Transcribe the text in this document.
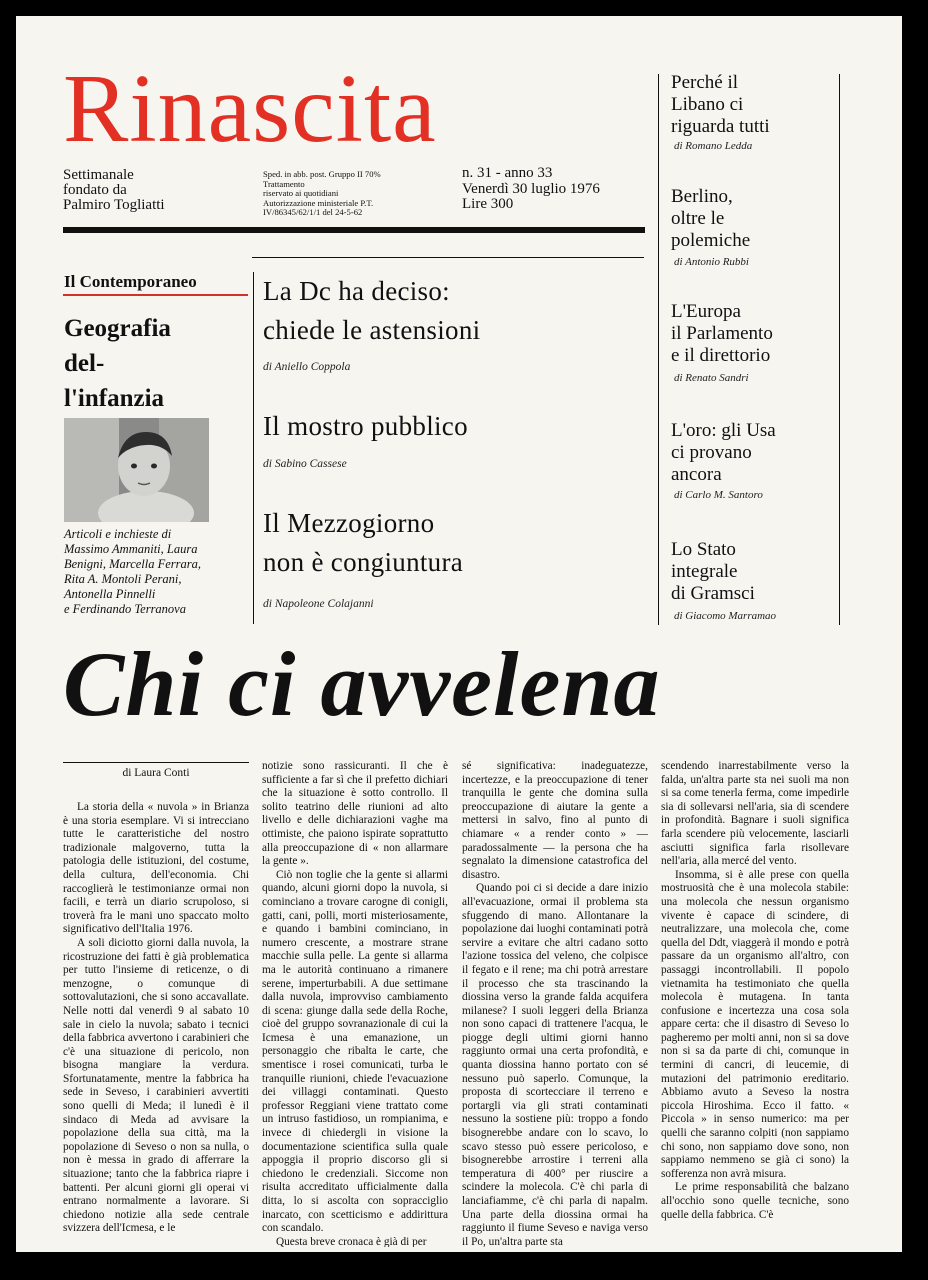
Rinascita
Settimanale
fondato da
Palmiro Togliatti
Sped. in abb. post. Gruppo II 70%
Trattamento
riservato ai quotidiani
Autorizzazione ministeriale P.T.
IV/86345/62/1/1 del 24-5-62
n. 31 - anno 33
Venerdì 30 luglio 1976
Lire 300
Il Contemporaneo
Geografia
del-
l'infanzia
Articoli e inchieste di
Massimo Ammaniti, Laura
Benigni, Marcella Ferrara,
Rita A. Montoli Perani,
Antonella Pinnelli
e Ferdinando Terranova
La Dc ha deciso:
chiede le astensioni
di Aniello Coppola
Il mostro pubblico
di Sabino Cassese
Il Mezzogiorno
non è congiuntura
di Napoleone Colajanni
Perché il
Libano ci
riguarda tutti
di Romano Ledda
Berlino,
oltre le
polemiche
di Antonio Rubbi
L'Europa
il Parlamento
e il direttorio
di Renato Sandri
L'oro: gli Usa
ci provano
ancora
di Carlo M. Santoro
Lo Stato
integrale
di Gramsci
di Giacomo Marramao
Chi ci avvelena
di Laura Conti

La storia della « nuvola » in Brianza è una storia esemplare. Vi si intrecciano tutte le caratteristiche del nostro tradizionale malgoverno, tutta la patologia delle istituzioni, del costume, della cultura, dell'economia. Chi raccoglierà le testimonianze ormai non facili, e terrà un diario scrupoloso, si troverà fra le mani uno spaccato molto significativo dell'Italia 1976.

A soli diciotto giorni dalla nuvola, la ricostruzione dei fatti è già problematica per tutto l'insieme di reticenze, o di menzogne, o comunque di sottovalutazioni, che si sono accavallate. Nelle notti dal venerdì 9 al sabato 10 sale in cielo la nuvola; sabato i tecnici della fabbrica avvertono i carabinieri che c'è una situazione di pericolo, non bisogna mangiare la verdura. Sfortunatamente, mentre la fabbrica ha sede in Seveso, i carabinieri avvertiti sono quelli di Meda; il lunedì è il sindaco di Meda ad avvisare la popolazione della sua città, ma la popolazione di Seveso o non sa nulla, o non è messa in grado di afferrare la situazione; tanto che la fabbrica riapre i battenti. Per alcuni giorni gli operai vi entrano normalmente a lavorare. Si chiedono notizie alla sede centrale svizzera dell'Icmesa, e le

notizie sono rassicuranti. Il che è sufficiente a far sì che il prefetto dichiari che la situazione è sotto controllo. Il solito teatrino delle riunioni ad alto livello e delle dichiarazioni vaghe ma ottimiste, che paiono ispirate soprattutto alla preoccupazione di « non allarmare la gente ».

Ciò non toglie che la gente si allarmi quando, alcuni giorni dopo la nuvola, si cominciano a trovare carogne di conigli, gatti, cani, polli, morti misteriosamente, e quando i bambini cominciano, in numero crescente, a mostrare strane macchie sulla pelle. La gente si allarma ma le autorità continuano a rimanere serene, imperturbabili. A due settimane dalla nuvola, improvviso cambiamento di scena: giunge dalla sede della Roche, cioè del gruppo sovranazionale di cui la Icmesa è una emanazione, un personaggio che ribalta le carte, che smentisce i rosei comunicati, turba le tranquille riunioni, chiede l'evacuazione dei villaggi contaminati. Questo professor Reggiani viene trattato come un intruso fastidioso, un rompianima, e invece di chiedergli in visione la documentazione scientifica sulla quale appoggia il proprio discorso gli si chiedono le credenziali. Siccome non risulta accreditato ufficialmente dalla ditta, lo si ascolta con sopracciglio inarcato, con scetticismo e addirittura con scandalo.

Questa breve cronaca è già di per

sé significativa: inadeguatezze, incertezze, e la preoccupazione di tener tranquilla le gente che domina sulla preoccupazione di aiutare la gente a mettersi in salvo, fino al punto di chiamare « a render conto » — paradossalmente — la persona che ha segnalato la dimensione catastrofica del disastro.

Quando poi ci si decide a dare inizio all'evacuazione, ormai il problema sta sfuggendo di mano. Allontanare la popolazione dai luoghi contaminati potrà servire a evitare che altri cadano sotto l'azione tossica del veleno, che colpisce il fegato e il rene; ma chi potrà arrestare il processo che sta trascinando la diossina verso la grande falda acquifera milanese? I suoli leggeri della Brianza non sono capaci di trattenere l'acqua, le piogge degli ultimi giorni hanno raggiunto ormai una certa profondità, e quanta diossina hanno portato con sé nessuno può saperlo. Comunque, la proposta di scortecciare il terreno e portargli via gli strati contaminati nessuno la sostiene più: troppo a fondo bisognerebbe andare con lo scavo, lo scavo stesso può essere pericoloso, e bisognerebbe arrostire i terreni alla temperatura di 400° per riuscire a scindere la molecola. C'è chi parla di lanciafiamme, c'è chi parla di napalm. Una parte della diossina ormai ha raggiunto il fiume Seveso e naviga verso il Po, un'altra parte sta

scendendo inarrestabilmente verso la falda, un'altra parte sta nei suoli ma non si sa come tenerla ferma, come impedirle sia di sollevarsi nell'aria, sia di scendere in profondità. Bagnare i suoli significa farla scendere più velocemente, lasciarli asciutti significa farla risollevare nell'aria, alla mercé del vento.

Insomma, si è alle prese con quella mostruosità che è una molecola stabile: una molecola che nessun organismo vivente è capace di scindere, di neutralizzare, una molecola che, come quella del Ddt, viaggerà il mondo e potrà passare da un organismo all'altro, con passaggi incontrollabili. Il popolo vietnamita ha testimoniato che quella molecola è mutagena. In tanta confusione e incertezza una cosa sola appare certa: che il disastro di Seveso lo pagheremo per molti anni, non si sa dove non si sa da parte di chi, comunque in termini di cancri, di leucemie, di mutazioni del patrimonio ereditario. Abbiamo avuto a Seveso la nostra piccola Hiroshima. Ecco il fatto. « Piccola » in senso numerico: ma per quelli che saranno colpiti (non sappiamo chi sono, non sappiamo dove sono, non sappiamo nemmeno se già ci sono) la sofferenza non avrà misura.

Le prime responsabilità che balzano all'occhio sono quelle tecniche, sono quelle della fabbrica. C'è
